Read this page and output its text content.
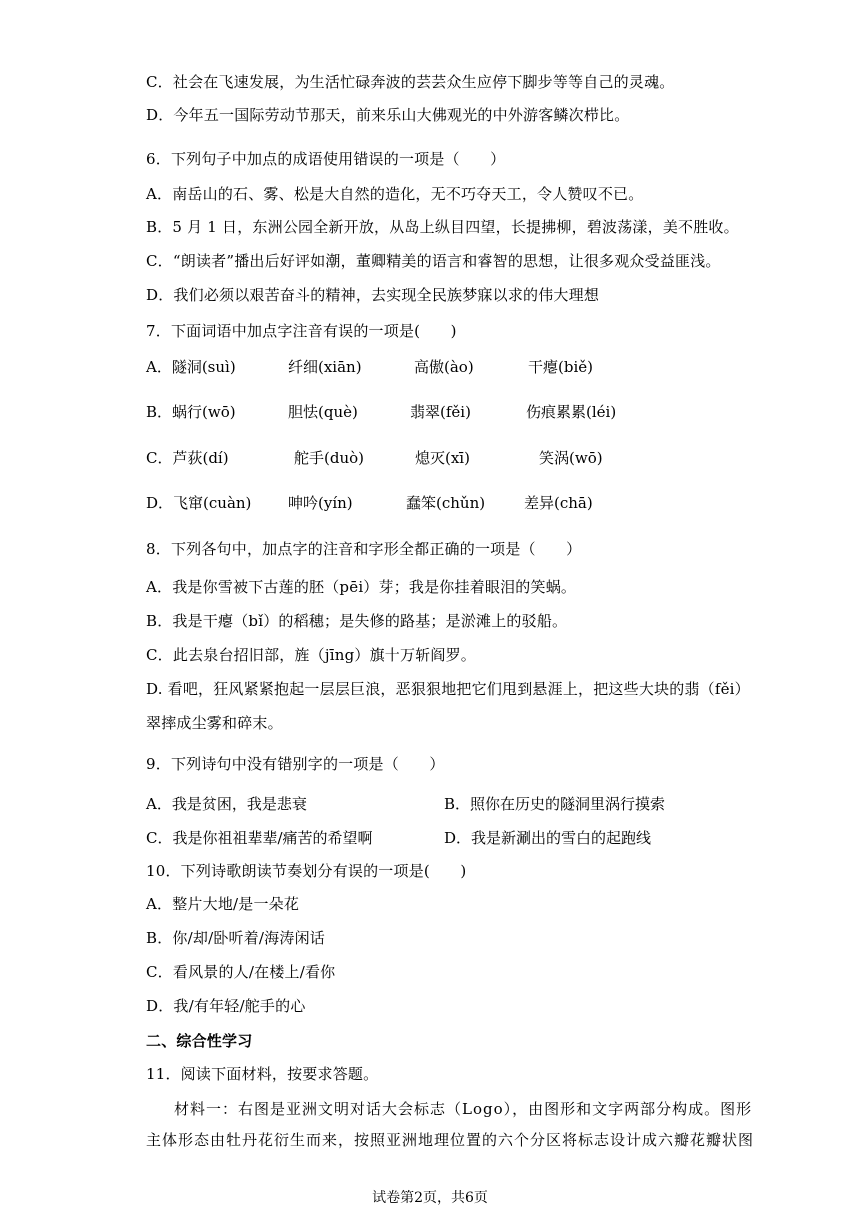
C．社会在飞速发展，为生活忙碌奔波的芸芸众生应停下脚步等等自己的灵魂。
D．今年五一国际劳动节那天，前来乐山大佛观光的中外游客鳞次栉比。
6．下列句子中加点的成语使用错误的一项是（　　）
A．南岳山的石、雾、松是大自然的造化，无不巧夺天工，令人赞叹不已。
B．5 月 1 日，东洲公园全新开放，从岛上纵目四望，长提拂柳，碧波荡漾，美不胜收。
C．“朗读者”播出后好评如潮，董卿精美的语言和睿智的思想，让很多观众受益匪浅。
D．我们必须以艰苦奋斗的精神，去实现全民族梦寐以求的伟大理想
7．下面词语中加点字注音有误的一项是(　　)
A．隧洞(suì)	纤细(xiān)	高傲(ào)	干瘪(biě)
B．蜗行(wō)	胆怯(què)	翡翠(fěi)	伤痕累累(léi)
C．芦荻(dí)	舵手(duò)	熄灭(xī)	笑涡(wō)
D．飞窜(cuàn) 呻吟(yín)	蠢笨(chǔn)	差异(chā)
8．下列各句中，加点字的注音和字形全都正确的一项是（　　）
A．我是你雪被下古莲的胚（pēi）芽；我是你挂着眼泪的笑蜗。
B．我是干瘪（bǐ）的稻穗；是失修的路基；是淤滩上的驳船。
C．此去泉台招旧部，旌（jīng）旗十万斩阎罗。
D. 看吧，狂风紧紧抱起一层层巨浪，恶狠狠地把它们甩到悬涯上，把这些大块的翡（fěi）
翠摔成尘雾和碎末。
9．下列诗句中没有错别字的一项是（　　）
A．我是贫困，我是悲衰	B．照你在历史的隧洞里涡行摸索
C．我是你祖祖辈辈/痛苦的希望啊	D．我是新涮出的雪白的起跑线
10．下列诗歌朗读节奏划分有误的一项是(　　)
A．整片大地/是一朵花
B．你/却/卧听着/海涛闲话
C．看风景的人/在楼上/看你
D．我/有年轻/舵手的心
二、综合性学习
11．阅读下面材料，按要求答题。
材料一：右图是亚洲文明对话大会标志（Logo），由图形和文字两部分构成。图形
主体形态由牡丹花衍生而来，按照亚洲地理位置的六个分区将标志设计成六瓣花瓣状图
试卷第2页，共6页
